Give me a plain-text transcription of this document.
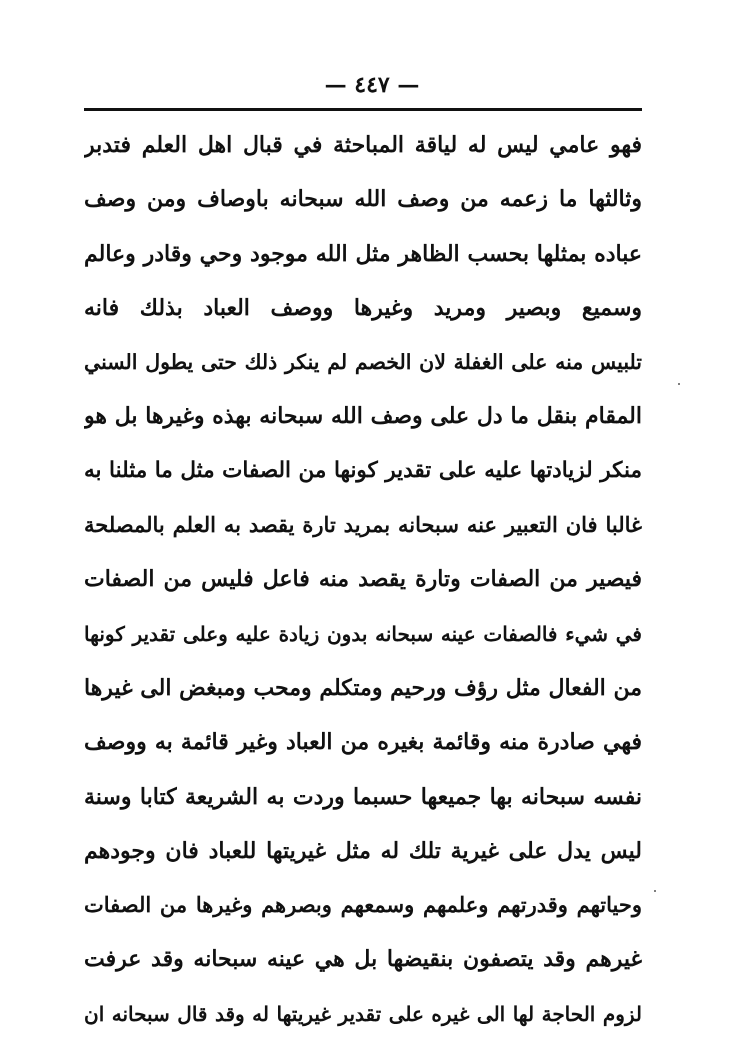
— ٤٤٧ —
فهو عامي ليس له لياقة المباحثة في قبال اهل العلم فتدبر
وثالثها ما زعمه من وصف الله سبحانه باوصاف ومن وصف
عباده بمثلها بحسب الظاهر مثل الله موجود وحي وقادر وعالم
وسميع وبصير ومريد وغيرها ووصف العباد بذلك فانه
تلبيس منه على الغفلة لان الخصم لم ينكر ذلك حتى يطول السني
المقام بنقل ما دل على وصف الله سبحانه بهذه وغيرها بل هو
منكر لزيادتها عليه على تقدير كونها من الصفات مثل ما مثلنا به
غالبا فان التعبير عنه سبحانه بمريد تارة يقصد به العلم بالمصلحة
فيصير من الصفات وتارة يقصد منه فاعل فليس من الصفات
في شيء فالصفات عينه سبحانه بدون زيادة عليه وعلى تقدير كونها
من الفعال مثل رؤف ورحيم ومتكلم ومحب ومبغض الى غيرها
فهي صادرة منه وقائمة بغيره من العباد وغير قائمة به ووصف
نفسه سبحانه بها جميعها حسبما وردت به الشريعة كتابا وسنة
ليس يدل على غيرية تلك له مثل غيريتها للعباد فان وجودهم
وحياتهم وقدرتهم وعلمهم وسمعهم وبصرهم وغيرها من الصفات
غيرهم وقد يتصفون بنقيضها بل هي عينه سبحانه وقد عرفت
لزوم الحاجة لها الى غيره على تقدير غيريتها له وقد قال سبحانه ان
